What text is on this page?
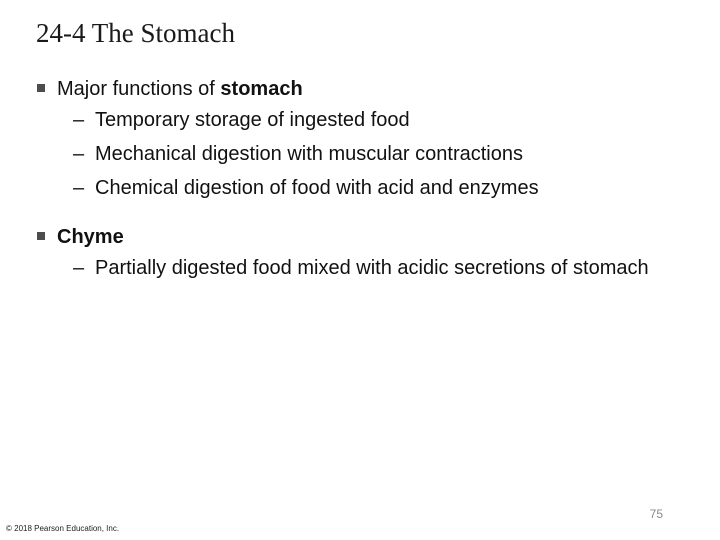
24-4 The Stomach
Major functions of stomach
– Temporary storage of ingested food
– Mechanical digestion with muscular contractions
– Chemical digestion of food with acid and enzymes
Chyme
– Partially digested food mixed with acidic secretions of stomach
75
© 2018 Pearson Education, Inc.
